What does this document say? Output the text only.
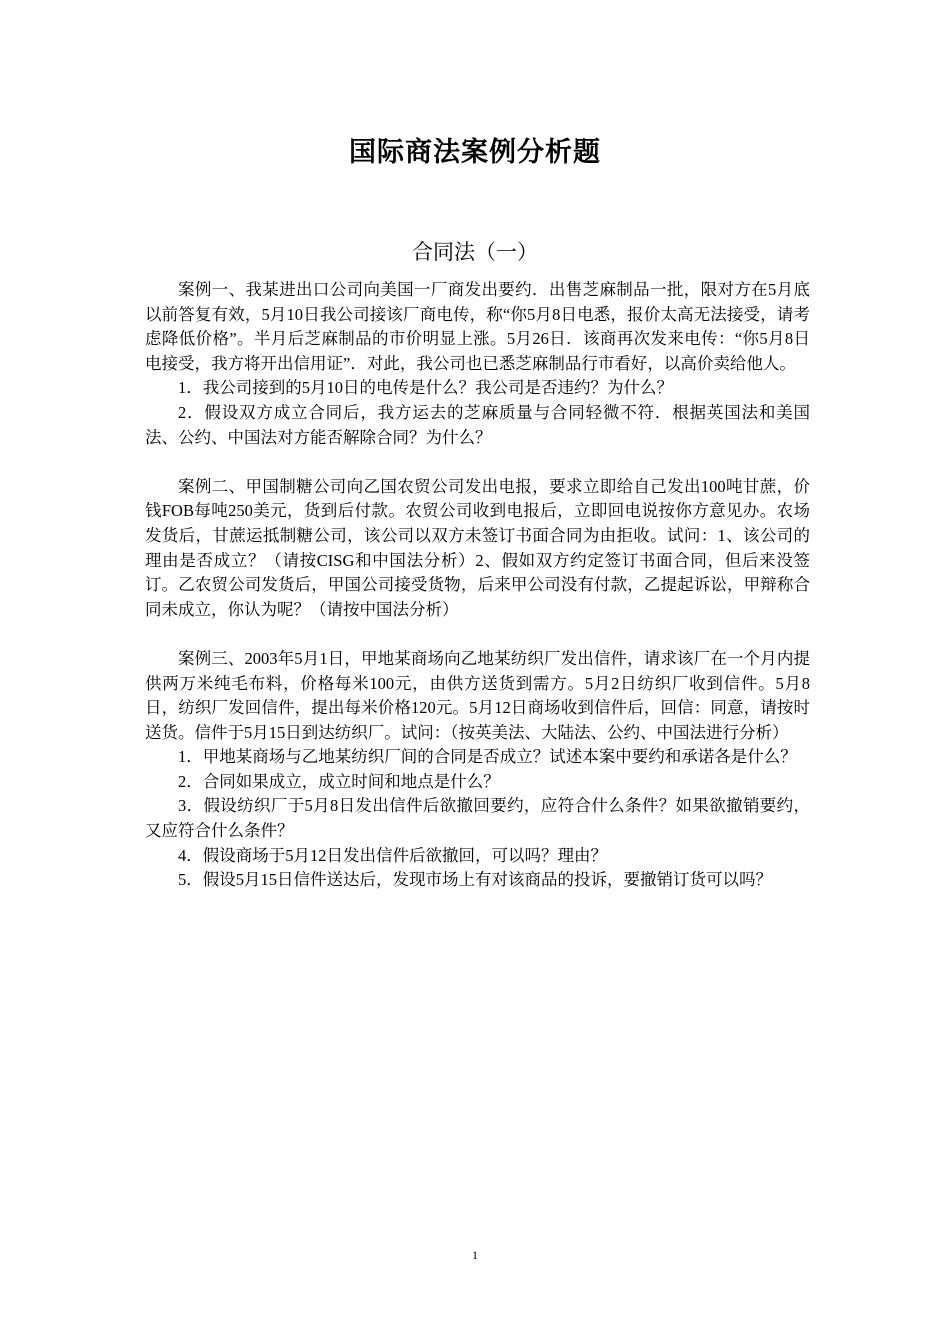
国际商法案例分析题
合同法（一）

案例一、我某进出口公司向美国一厂商发出要约．出售芝麻制品一批，限对方在5月底以前答复有效，5月10日我公司接该厂商电传，称“你5月8日电悉，报价太高无法接受，请考虑降低价格”。半月后芝麻制品的市价明显上涨。5月26日．该商再次发来电传：“你5月8日电接受，我方将开出信用证”．对此，我公司也已悉芝麻制品行市看好，以高价卖给他人。

1．我公司接到的5月10日的电传是什么？我公司是否违约？为什么？

2．假设双方成立合同后，我方运去的芝麻质量与合同轻微不符．根据英国法和美国法、公约、中国法对方能否解除合同？为什么？

案例二、甲国制糖公司向乙国农贸公司发出电报，要求立即给自己发出100吨甘蔗，价钱FOB每吨250美元，货到后付款。农贸公司收到电报后，立即回电说按你方意见办。农场发货后，甘蔗运抵制糖公司，该公司以双方未签订书面合同为由拒收。试问：1、该公司的理由是否成立？（请按CISG和中国法分析）2、假如双方约定签订书面合同，但后来没签订。乙农贸公司发货后，甲国公司接受货物，后来甲公司没有付款，乙提起诉讼，甲辩称合同未成立，你认为呢？（请按中国法分析）

案例三、2003年5月1日，甲地某商场向乙地某纺织厂发出信件，请求该厂在一个月内提供两万米纯毛布料，价格每米100元，由供方送货到需方。5月2日纺织厂收到信件。5月8日，纺织厂发回信件，提出每米价格120元。5月12日商场收到信件后，回信：同意，请按时送货。信件于5月15日到达纺织厂。试问：（按英美法、大陆法、公约、中国法进行分析）

1．甲地某商场与乙地某纺织厂间的合同是否成立？试述本案中要约和承诺各是什么？

2．合同如果成立，成立时间和地点是什么？

3．假设纺织厂于5月8日发出信件后欲撤回要约，应符合什么条件？如果欲撤销要约，又应符合什么条件？

4．假设商场于5月12日发出信件后欲撤回，可以吗？理由？

5．假设5月15日信件送达后，发现市场上有对该商品的投诉，要撤销订货可以吗？

1
